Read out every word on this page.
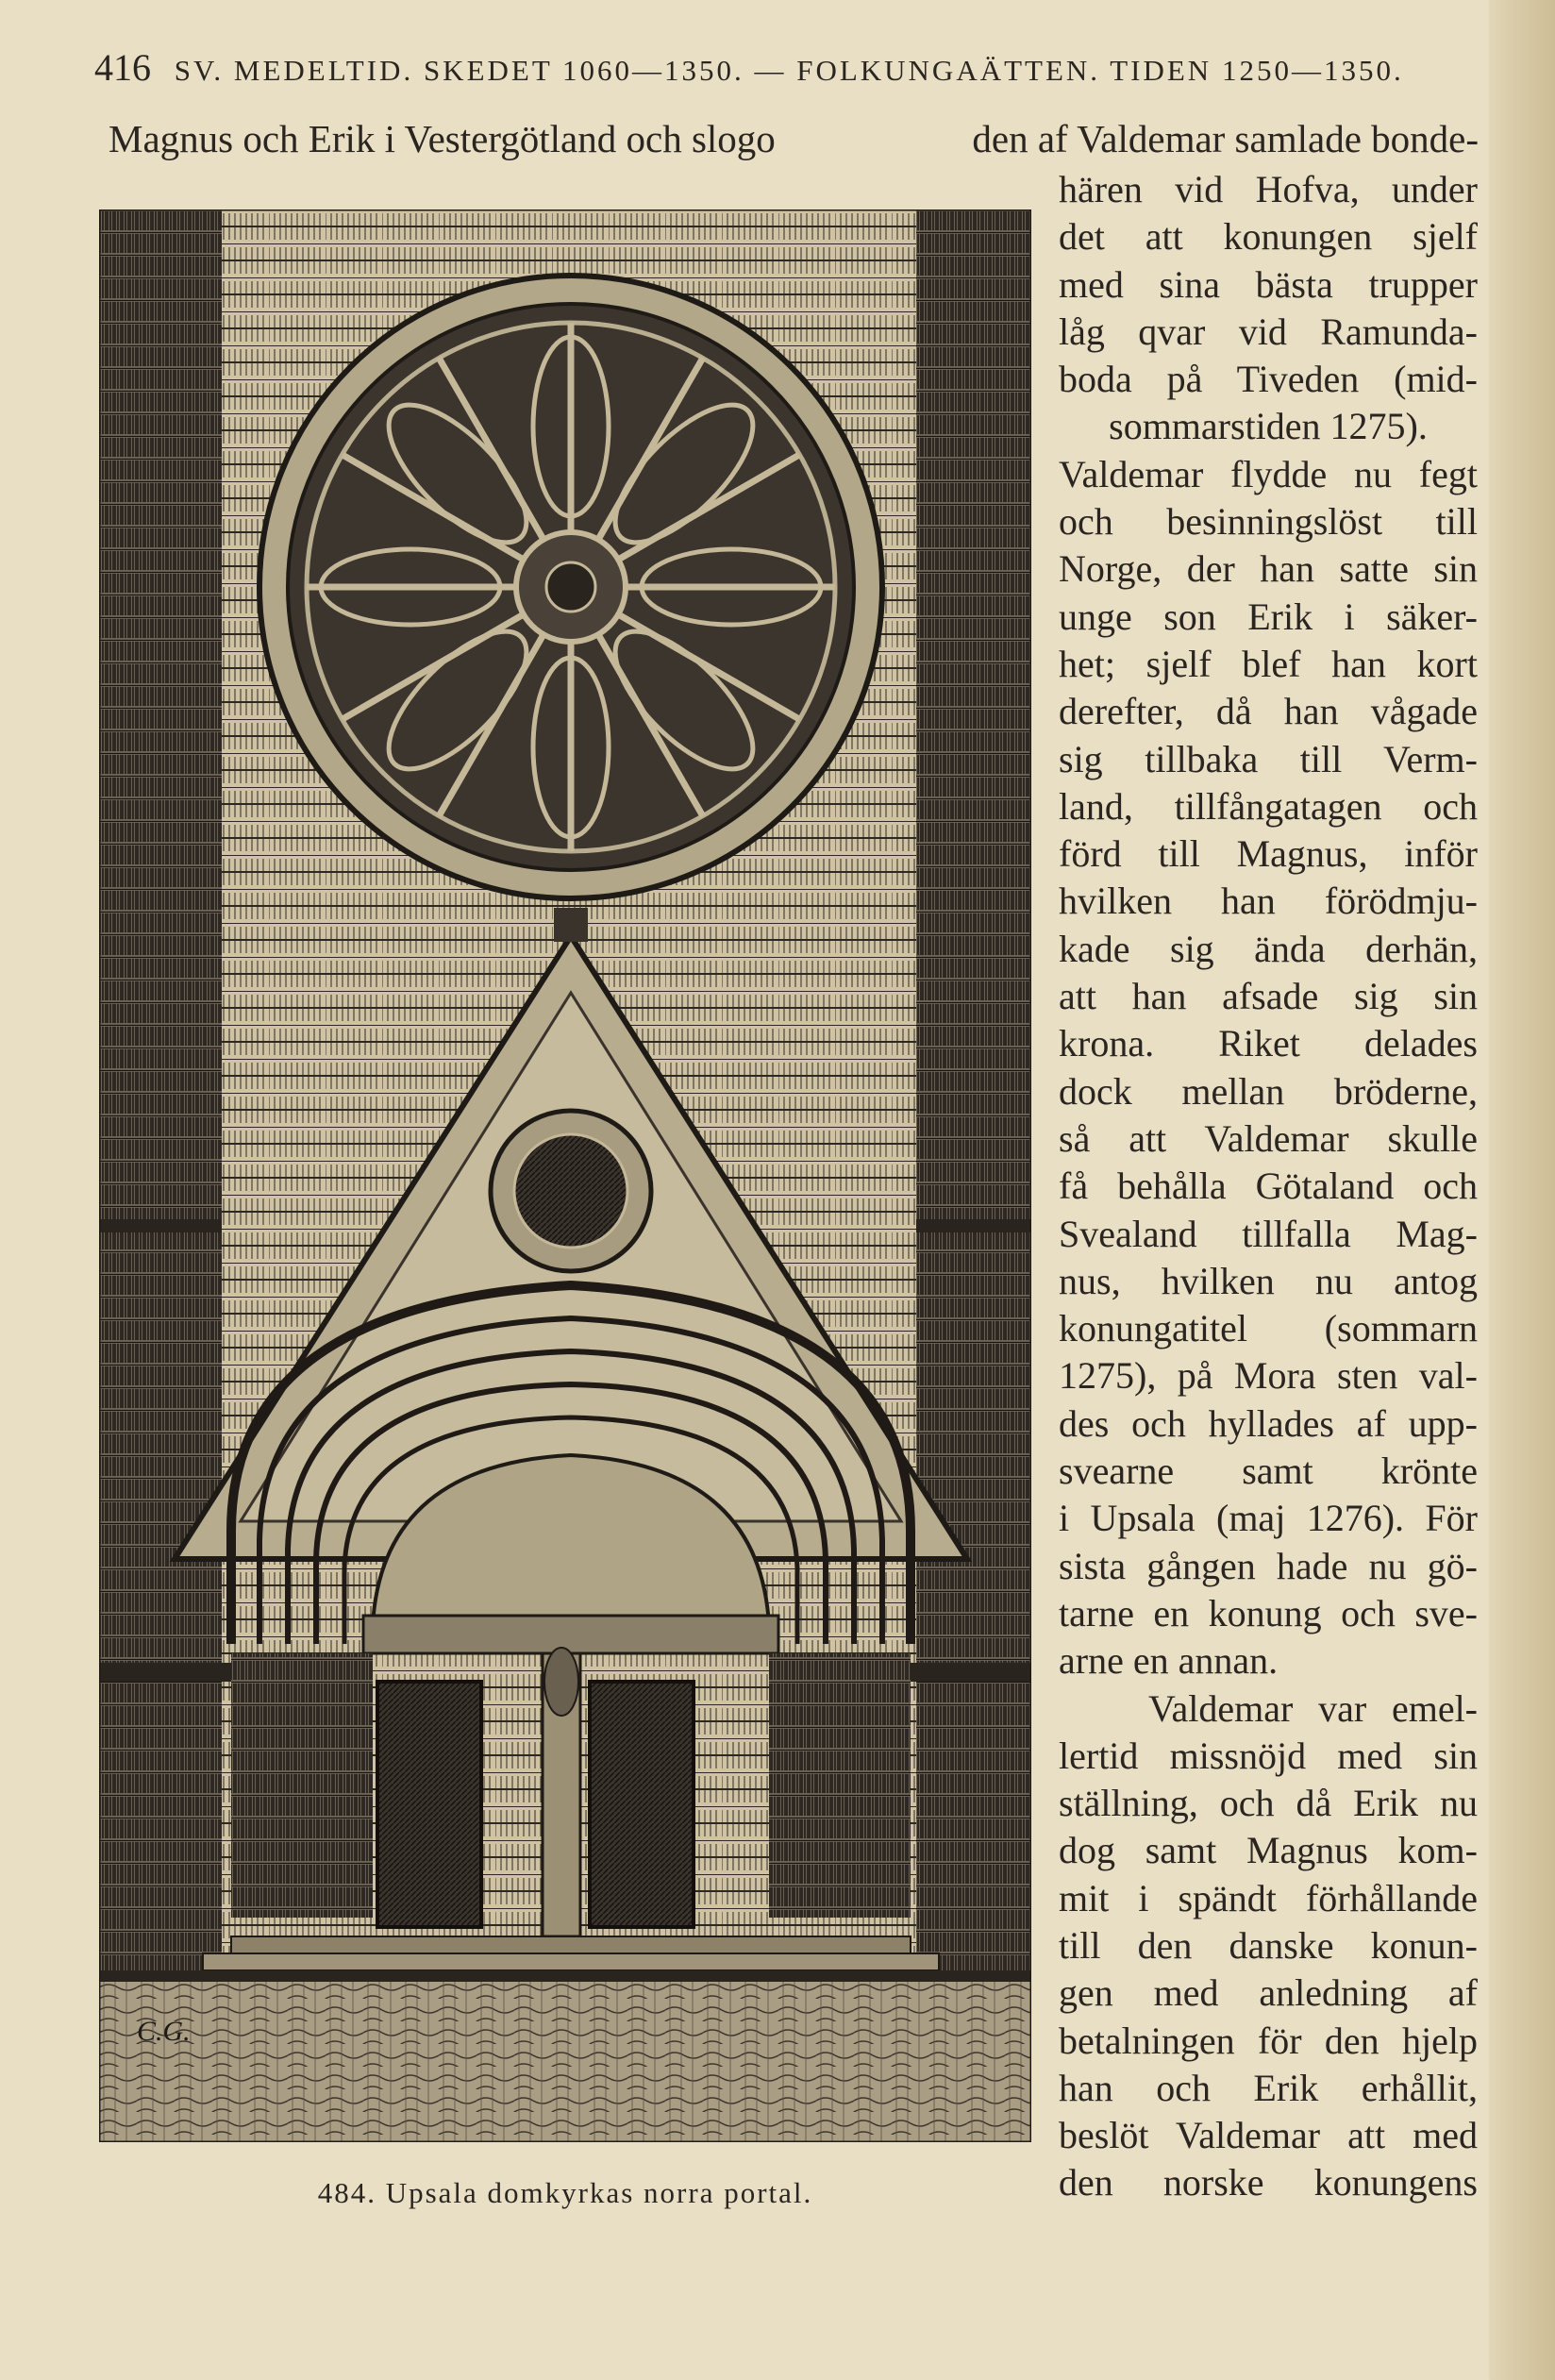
416 SV. MEDELTID. SKEDET 1060—1350. — FOLKUNGAÄTTEN. TIDEN 1250—1350.
Magnus och Erik i Vestergötland och slogo	den af Valdemar samlade bonde-
C.G.
484. Upsala domkyrkas norra portal.
hären vid Hofva, under
det att konungen sjelf
med sina bästa trupper
låg qvar vid Ramunda-
boda på Tiveden (mid-
sommarstiden 1275).
Valdemar flydde nu fegt
och besinningslöst till
Norge, der han satte sin
unge son Erik i säker-
het; sjelf blef han kort
derefter, då han vågade
sig tillbaka till Verm-
land, tillfångatagen och
förd till Magnus, inför
hvilken han förödmju-
kade sig ända derhän,
att han afsade sig sin
krona. Riket delades
dock mellan bröderne,
så att Valdemar skulle
få behålla Götaland och
Svealand tillfalla Mag-
nus, hvilken nu antog
konungatitel (sommarn
1275), på Mora sten val-
des och hyllades af upp-
svearne samt krönte
i Upsala (maj 1276). För
sista gången hade nu gö-
tarne en konung och sve-
arne en annan.
Valdemar var emel-
lertid missnöjd med sin
ställning, och då Erik nu
dog samt Magnus kom-
mit i spändt förhållande
till den danske konun-
gen med anledning af
betalningen för den hjelp
han och Erik erhållit,
beslöt Valdemar att med
den norske konungens
